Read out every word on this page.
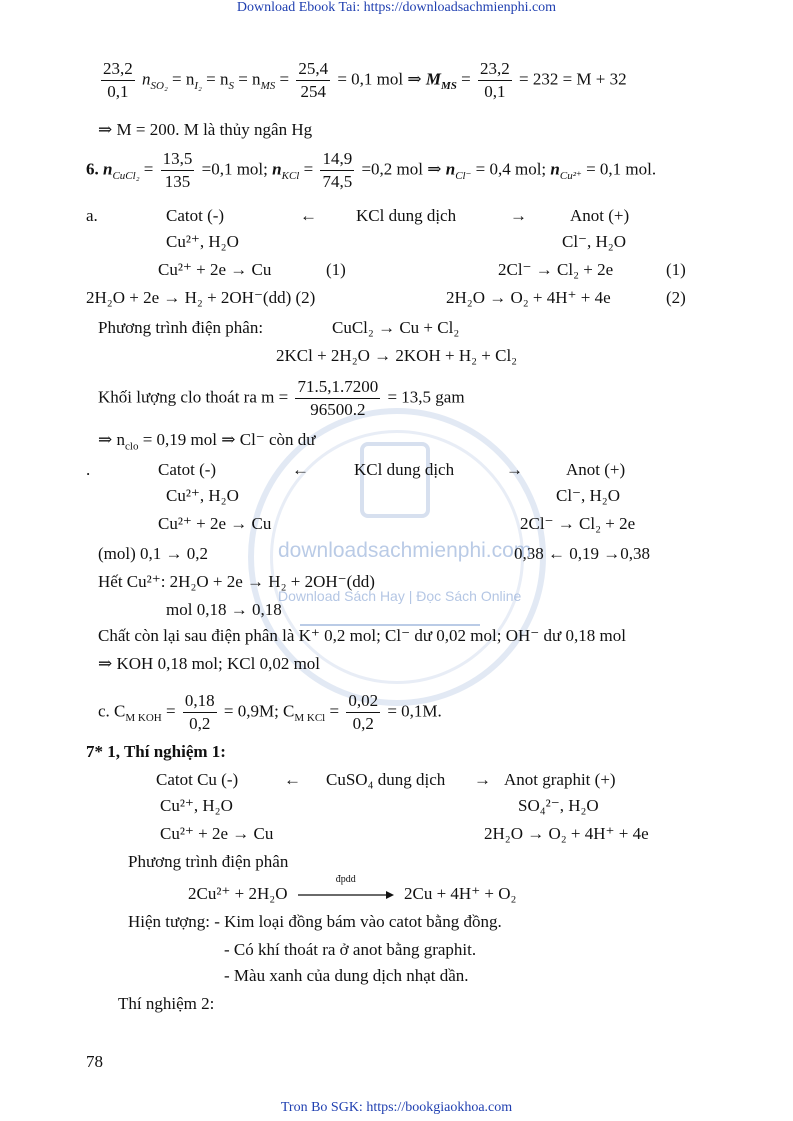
Download Ebook Tai: https://downloadsachmienphi.com
Tron Bo SGK: https://bookgiaokhoa.com
downloadsachmienphi.com
Download Sách Hay | Đọc Sách Online
$\frac{23,2}{0,1} n_{SO_2} = n_{I_2} = n_S = n_{MS} = \frac{25,4}{254} = 0,1$ mol ⇒ $M_{MS} = \frac{23,2}{0,1} = 232 = M + 32$
⇒ M = 200. M là thủy ngân Hg
6. $n_{CuCl_2} = \frac{13,5}{135} =0,1$ mol; $n_{KCl} = \frac{14,9}{74,5} =0,2$ mol ⇒ $n_{Cl^-} = 0,4$ mol; $n_{Cu^{2+}} = 0,1$ mol.
a.	Catot (-)	← KCl dung dịch	→	Anot (+)
Cu²⁺, H₂O	Cl⁻, H₂O
Cu²⁺ + 2e → Cu	(1)	2Cl⁻ → Cl₂ + 2e	(1)
2H₂O + 2e → H₂ + 2OH⁻(dd) (2)	2H₂O → O₂ + 4H⁺ + 4e	(2)
Phương trình điện phân:	CuCl₂ → Cu + Cl₂
2KCl + 2H₂O → 2KOH + H₂ + Cl₂
Khối lượng clo thoát ra $m = \frac{71.5,1.7200}{96500.2} = 13,5$ gam
⇒ $n_{clo} = 0,19$ mol ⇒ Cl⁻ còn dư
.	Catot (-)	←	KCl dung dịch	→	Anot (+)
Cu²⁺, H₂O	Cl⁻, H₂O
Cu²⁺ + 2e → Cu	2Cl⁻ → Cl₂ + 2e
(mol) 0,1 → 0,2	0,38 ← 0,19 →0,38
Hết Cu²⁺: 2H₂O + 2e → H₂ + 2OH⁻(dd)
mol 0,18 → 0,18
Chất còn lại sau điện phân là K⁺ 0,2 mol; Cl⁻ dư 0,02 mol; OH⁻ dư 0,18 mol
⇒ KOH 0,18 mol; KCl 0,02 mol
c. $C_{M KOH} = \frac{0,18}{0,2} = 0,9M$; $C_{M KCl} = \frac{0,02}{0,2} = 0,1M$.
7* 1, Thí nghiệm 1:
Catot Cu (-)	← CuSO₄ dung dịch → Anot graphit (+)
Cu²⁺, H₂O	SO₄²⁻, H₂O
Cu²⁺ + 2e → Cu	2H₂O → O₂ + 4H⁺ + 4e
Phương trình điện phân
2Cu²⁺ + 2H₂O
đpdd
2Cu + 4H⁺ + O₂
Hiện tượng: - Kim loại đồng bám vào catot bằng đồng.
- Có khí thoát ra ở anot bằng graphit.
- Màu xanh của dung dịch nhạt dần.
Thí nghiệm 2:
78
